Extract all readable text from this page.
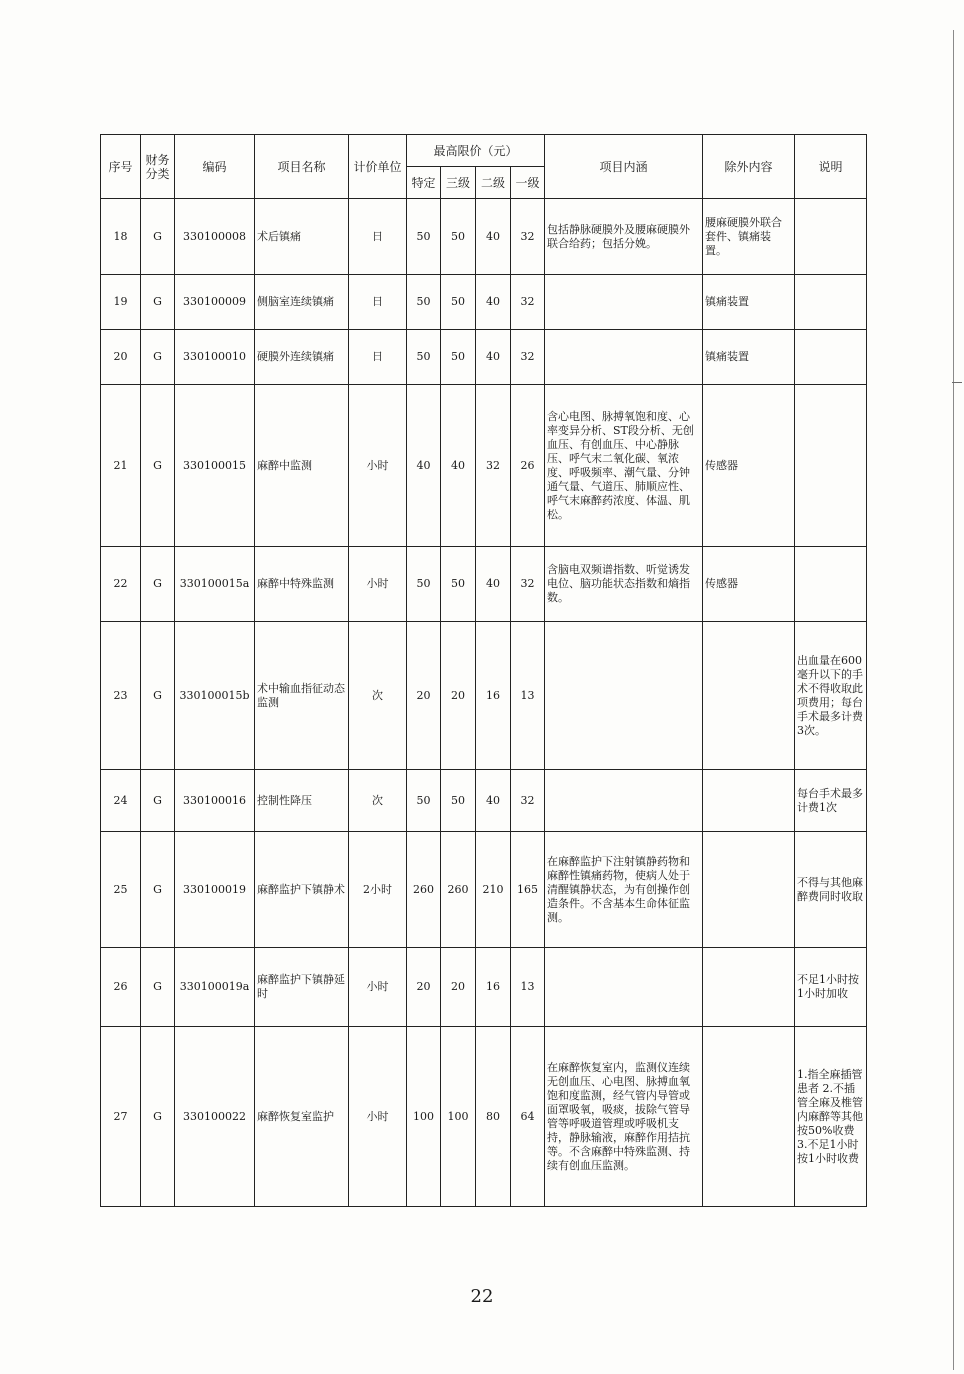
序号	财务分类	编码	项目名称	计价单位	最高限价（元）				项目内涵	除外内容	说明
					特定	三级	二级	一级			
18	G	330100008	术后镇痛	日	50	50	40	32	包括静脉硬膜外及腰麻硬膜外联合给药；包括分娩。	腰麻硬膜外联合套件、镇痛装置。	
19	G	330100009	侧脑室连续镇痛	日	50	50	40	32		镇痛装置	
20	G	330100010	硬膜外连续镇痛	日	50	50	40	32		镇痛装置	
21	G	330100015	麻醉中监测	小时	40	40	32	26	含心电图、脉搏氧饱和度、心率变异分析、ST段分析、无创血压、有创血压、中心静脉压、呼气末二氧化碳、氧浓度、呼吸频率、潮气量、分钟通气量、气道压、肺顺应性、呼气末麻醉药浓度、体温、肌松。	传感器	
22	G	330100015a	麻醉中特殊监测	小时	50	50	40	32	含脑电双频谱指数、听觉诱发电位、脑功能状态指数和熵指数。	传感器	
23	G	330100015b	术中输血指征动态监测	次	20	20	16	13			出血量在600毫升以下的手术不得收取此项费用；每台手术最多计费3次。
24	G	330100016	控制性降压	次	50	50	40	32			每台手术最多计费1次
25	G	330100019	麻醉监护下镇静术	2小时	260	260	210	165	在麻醉监护下注射镇静药物和麻醉性镇痛药物，使病人处于清醒镇静状态，为有创操作创造条件。不含基本生命体征监测。		不得与其他麻醉费同时收取
26	G	330100019a	麻醉监护下镇静延时	小时	20	20	16	13			不足1小时按1小时加收
27	G	330100022	麻醉恢复室监护	小时	100	100	80	64	在麻醉恢复室内，监测仪连续无创血压、心电图、脉搏血氧饱和度监测，经气管内导管或面罩吸氧，吸痰，拔除气管导管等呼吸道管理或呼吸机支持，静脉输液，麻醉作用拮抗等。不含麻醉中特殊监测、持续有创血压监测。		1.指全麻插管患者 2.不插管全麻及椎管内麻醉等其他按50%收费 3.不足1小时按1小时收费
22
